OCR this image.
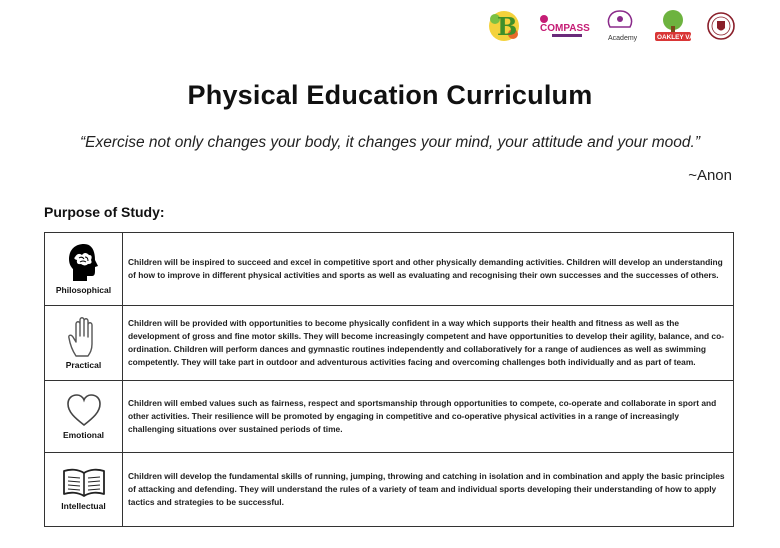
B COMPASS
Academy	OAKLEY VALE
Physical Education Curriculum
“Exercise not only changes your body, it changes your mind, your attitude and your mood.”
~Anon
Purpose of Study:
Philosophical	Children will be inspired to succeed and excel in competitive sport and other physically demanding activities. Children will develop an understanding of how to improve in different physical activities and sports as well as evaluating and recognising their own successes and the successes of others.

Practical	Children will be provided with opportunities to become physically confident in a way which supports their health and fitness as well as the development of gross and fine motor skills. They will become increasingly competent and have opportunities to develop their agility, balance, and co-ordination. Children will perform dances and gymnastic routines independently and collaboratively for a range of audiences as well as swimming competently. They will take part in outdoor and adventurous activities facing and overcoming challenges both individually and as part of team.

Emotional	Children will embed values such as fairness, respect and sportsmanship through opportunities to compete, co-operate and collaborate in sport and other activities. Their resilience will be promoted by engaging in competitive and co-operative physical activities in a range of increasingly challenging situations over sustained periods of time.

Intellectual	Children will develop the fundamental skills of running, jumping, throwing and catching in isolation and in combination and apply the basic principles of attacking and defending. They will understand the rules of a variety of team and individual sports developing their understanding of how to apply tactics and strategies to be successful.
